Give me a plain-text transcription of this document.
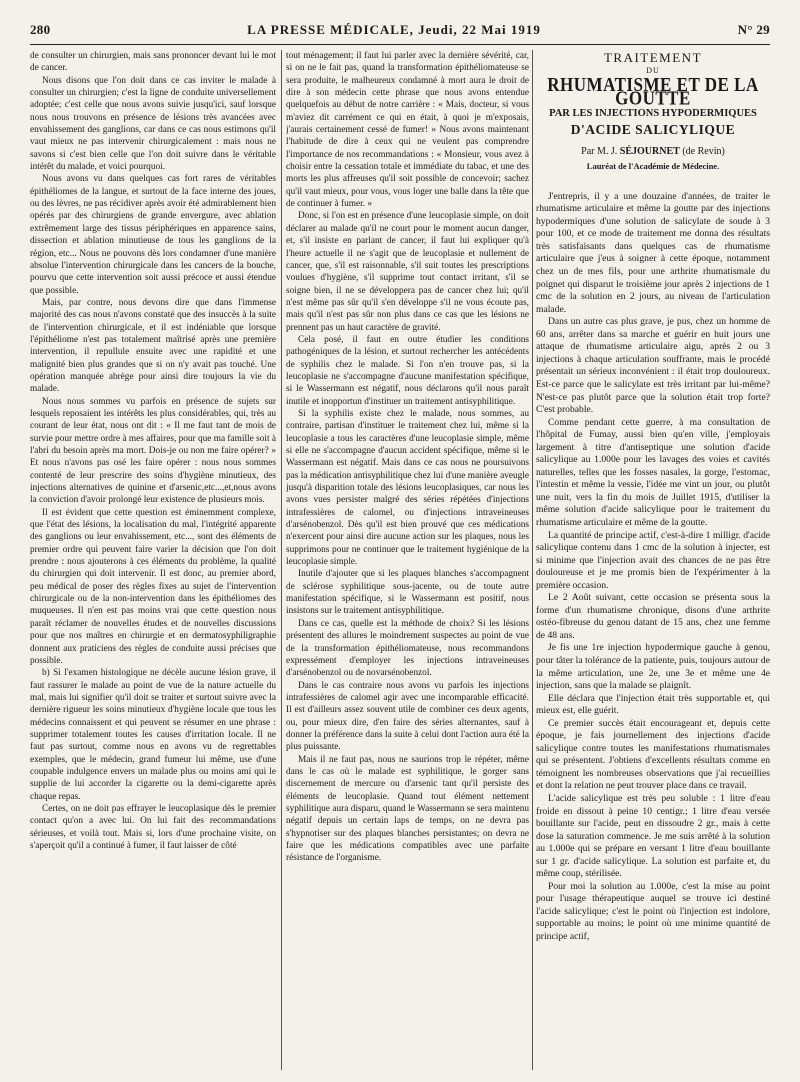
280	LA PRESSE MÉDICALE, Jeudi, 22 Mai 1919	N° 29

de consulter un chirurgien, mais sans prononcer devant lui le mot de cancer.

Nous disons que l'on doit dans ce cas inviter le malade à consulter un chirurgien; c'est la ligne de conduite universellement adoptée; c'est celle que nous avons suivie jusqu'ici, sauf lorsque nous nous trouvons en présence de lésions très avancées avec envahissement des ganglions, car dans ce cas nous estimons qu'il vaut mieux ne pas intervenir chirurgicalement : mais nous ne savons si c'est bien celle que l'on doit suivre dans le véritable intérêt du malade, et voici pourquoi.

Nous avons vu dans quelques cas fort rares de véritables épithéliomes de la langue, et surtout de la face interne des joues, ou des lèvres, ne pas récidiver après avoir été admirablement bien opérés par des chirurgiens de grande envergure, avec ablation extrêmement large des tissus périphériques en apparence sains, dissection et ablation minutieuse de tous les ganglions de la région, etc... Nous ne pouvons dès lors condamner d'une manière absolue l'intervention chirurgicale dans les cancers de la bouche, pourvu que cette intervention soit aussi précoce et aussi étendue que possible.

Mais, par contre, nous devons dire que dans l'immense majorité des cas nous n'avons constaté que des insuccès à la suite de l'intervention chirurgicale, et il est indéniable que lorsque l'épithéliome n'est pas totalement maîtrisé après une première intervention, il repullule ensuite avec une rapidité et une malignité bien plus grandes que si on n'y avait pas touché. Une opération manquée abrège pour ainsi dire toujours la vie du malade.

Nous nous sommes vu parfois en présence de sujets sur lesquels reposaient les intérêts les plus considérables, qui, très au courant de leur état, nous ont dit : « Il me faut tant de mois de survie pour mettre ordre à mes affaires, pour que ma famille soit à l'abri du besoin après ma mort. Dois-je ou non me faire opérer? » Et nous n'avons pas osé les faire opérer : nous nous sommes contenté de leur prescrire des soins d'hygiène minutieux, des injections alternatives de quinine et d'arsenic,etc...,et,nous avons la conviction d'avoir prolongé leur existence de plusieurs mois.

Il est évident que cette question est éminemment complexe, que l'état des lésions, la localisation du mal, l'intégrité apparente des ganglions ou leur envahissement, etc..., sont des éléments de premier ordre qui peuvent faire varier la décision que l'on doit prendre : nous ajouterons à ces éléments du problème, la qualité du chirurgien qui doit intervenir. Il est donc, au premier abord, peu médical de poser des règles fixes au sujet de l'intervention chirurgicale ou de la non-intervention dans les épithéliomes des muqueuses. Il n'en est pas moins vrai que cette question nous paraît réclamer de nouvelles études et de nouvelles discussions pour que nos maîtres en chirurgie et en dermatosyphiligraphie donnent aux praticiens des règles de conduite aussi précises que possible.

b) Si l'examen histologique ne décèle aucune lésion grave, il faut rassurer le malade au point de vue de la nature actuelle du mal, mais lui signifier qu'il doit se traiter et surtout suivre avec la dernière rigueur les soins minutieux d'hygiène locale que tous les médecins connaissent et qui peuvent se résumer en une phrase : supprimer totalement toutes les causes d'irritation locale. Il ne faut pas surtout, comme nous en avons vu de regrettables exemples, que le médecin, grand fumeur lui même, use d'une coupable indulgence envers un malade plus ou moins ami qui le supplie de lui accorder la cigarette ou la demi-cigarette après chaque repas.

Certes, on ne doit pas effrayer le leucoplasique dès le premier contact qu'on a avec lui. On lui fait des recommandations sérieuses, et voilà tout. Mais si, lors d'une prochaine visite, on s'aperçoit qu'il a continué à fumer, il faut laisser de côté

tout ménagement; il faut lui parler avec la dernière sévérité, car, si on ne le fait pas, quand la transformation épithéliomateuse se sera produite, le malheureux condamné à mort aura le droit de dire à son médecin cette phrase que nous avons entendue quelquefois au début de notre carrière : « Mais, docteur, si vous m'aviez dit carrément ce qui en était, à quoi je m'exposais, j'aurais certainement cessé de fumer! » Nous avons maintenant l'habitude de dire à ceux qui ne veulent pas comprendre l'importance de nos recommandations : « Monsieur, vous avez à choisir entre la cessation totale et immédiate du tabac, et une des morts les plus affreuses qu'il soit possible de concevoir; sachez qu'il vaut mieux, pour vous, vous loger une balle dans la tête que de continuer à fumer. »

Donc, si l'on est en présence d'une leucoplasie simple, on doit déclarer au malade qu'il ne court pour le moment aucun danger, et, s'il insiste en parlant de cancer, il faut lui expliquer qu'à l'heure actuelle il ne s'agit que de leucoplasie et nullement de cancer, que, s'il est raisonnable, s'il suit toutes les prescriptions voulues d'hygiène, s'il supprime tout contact irritant, s'il se soigne bien, il ne se développera pas de cancer chez lui; qu'il n'est même pas sûr qu'il s'en développe s'il ne vous écoute pas, mais qu'il n'est pas sûr non plus dans ce cas que les lésions ne prennent pas un haut caractère de gravité.

Cela posé, il faut en outre étudier les conditions pathogéniques de la lésion, et surtout rechercher les antécédents de syphilis chez le malade. Si l'on n'en trouve pas, si la leucoplasie ne s'accompagne d'aucune manifestation spécifique, si le Wassermann est négatif, nous déclarons qu'il nous paraît inutile et inopportun d'instituer un traitement antisyphilitique.

Si la syphilis existe chez le malade, nous sommes, au contraire, partisan d'instituer le traitement chez lui, même si la leucoplasie a tous les caractères d'une leucoplasie simple, même si elle ne s'accompagne d'aucun accident spécifique, même si le Wassermann est négatif. Mais dans ce cas nous ne poursuivons pas la médication antisyphilitique chez lui d'une manière aveugle jusqu'à disparition totale des lésions leucoplasiques, car nous les avons vues persister malgré des séries répétées d'injections intrafessières de calomel, ou d'injections intraveineuses d'arsénobenzol. Dès qu'il est bien prouvé que ces médications n'exercent pour ainsi dire aucune action sur les plaques, nous les supprimons pour ne continuer que le traitement hygiénique de la leucoplasie simple.

Inutile d'ajouter que si les plaques blanches s'accompagnent de sclérose syphilitique sous-jacente, ou de toute autre manifestation spécifique, si le Wassermann est positif, nous insistons sur le traitement antisyphilitique.

Dans ce cas, quelle est la méthode de choix? Si les lésions présentent des allures le moindrement suspectes au point de vue de la transformation épithéliomateuse, nous recommandons expressément d'employer les injections intraveineuses d'arsénobenzol ou de novarsénobenzol.

Dans le cas contraire nous avons vu parfois les injections intrafessières de calomel agir avec une incomparable efficacité. Il est d'ailleurs assez souvent utile de combiner ces deux agents, ou, pour mieux dire, d'en faire des séries alternantes, sauf à donner la préférence dans la suite à celui dont l'action aura été la plus puissante.

Mais il ne faut pas, nous ne saurions trop le répéter, même dans le cas où le malade est syphilitique, le gorger sans discernement de mercure ou d'arsenic tant qu'il persiste des éléments de leucoplasie. Quand tout élément nettement syphilitique aura disparu, quand le Wassermann se sera maintenu négatif depuis un certain laps de temps, on ne devra pas s'hypnotiser sur des plaques blanches persistantes; on devra ne faire que les médications compatibles avec une parfaite résistance de l'organisme.

TRAITEMENT
DU
RHUMATISME ET DE LA GOUTTE
PAR LES INJECTIONS HYPODERMIQUES
D'ACIDE SALICYLIQUE
Par M. J. SÉJOURNET (de Revin)
Lauréat de l'Académie de Médecine.

J'entrepris, il y a une douzaine d'années, de traiter le rhumatisme articulaire et même la goutte par des injections hypodermiques d'une solution de salicylate de soude à 3 pour 100, et ce mode de traitement me donna des résultats très satisfaisants dans quelques cas de rhumatisme articulaire que j'eus à soigner à cette époque, notamment chez un de mes fils, pour une arthrite rhumatismale du poignet qui disparut le troisième jour après 2 injections de 1 cmc de la solution en 2 jours, au niveau de l'articulation malade.

Dans un autre cas plus grave, je pus, chez un homme de 60 ans, arrêter dans sa marche et guérir en huit jours une attaque de rhumatisme articulaire aigu, après 2 ou 3 injections à chaque articulation souffrante, mais le procédé présentait un sérieux inconvénient : il était trop douloureux. Est-ce parce que le salicylate est très irritant par lui-même? N'est-ce pas plutôt parce que la solution était trop forte? C'est probable.

Comme pendant cette guerre, à ma consultation de l'hôpital de Fumay, aussi bien qu'en ville, j'employais largement à titre d'antiseptique une solution d'acide salicylique au 1.000e pour les lavages des voies et cavités naturelles, telles que les fosses nasales, la gorge, l'estomac, l'intestin et même la vessie, l'idée me vint un jour, ou plutôt une nuit, vers la fin du mois de Juillet 1915, d'utiliser la même solution d'acide salicylique pour le traitement du rhumatisme articulaire et même de la goutte.

La quantité de principe actif, c'est-à-dire 1 milligr. d'acide salicylique contenu dans 1 cmc de la solution à injecter, est si minime que l'injection avait des chances de ne pas être douloureuse et je me promis bien de l'expérimenter à la première occasion.

Le 2 Août suivant, cette occasion se présenta sous la forme d'un rhumatisme chronique, disons d'une arthrite ostéo-fibreuse du genou datant de 15 ans, chez une femme de 48 ans.

Je fis une 1re injection hypodermique gauche à genou, pour tâter la tolérance de la patiente, puis, toujours autour de la même articulation, une 2e, une 3e et même une 4e injection, sans que la malade se plaignît.

Elle déclara que l'injection était très supportable et, qui mieux est, elle guérit.

Ce premier succès était encourageant et, depuis cette époque, je fais journellement des injections d'acide salicylique contre toutes les manifestations rhumatismales qui se présentent. J'obtiens d'excellents résultats comme en témoignent les nombreuses observations que j'ai recueillies et dont la relation ne peut trouver place dans ce travail.

L'acide salicylique est très peu soluble : 1 litre d'eau froide en dissout à peine 10 centigr.; 1 litre d'eau versée bouillante sur l'acide, peut en dissoudre 2 gr., mais à cette dose la saturation commence. Je me suis arrêté à la solution au 1.000e qui se prépare en versant 1 litre d'eau bouillante sur 1 gr. d'acide salicylique. La solution est parfaite et, du même coup, stérilisée.

Pour moi la solution au 1.000e, c'est la mise au point pour l'usage thérapeutique auquel se trouve ici destiné l'acide salicylique; c'est le point où l'injection est indolore, supportable au moins; le point où une minime quantité de principe actif,
